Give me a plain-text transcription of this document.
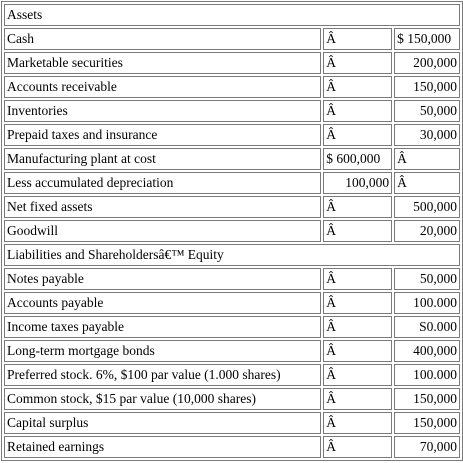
Assets		
Cash	Â	$ 150,000
Marketable securities	Â	200,000
Accounts receivable	Â	150,000
Inventories	Â	50,000
Prepaid taxes and insurance	Â	30,000
Manufacturing plant at cost	$ 600,000	Â
Less accumulated depreciation	100,000	Â
Net fixed assets	Â	500,000
Goodwill	Â	20,000
Liabilities and Shareholdersâ€™ Equity		
Notes payable	Â	50,000
Accounts payable	Â	100.000
Income taxes payable	Â	S0.000
Long-term mortgage bonds	Â	400,000
Preferred stock. 6%, $100 par value (1.000 shares)	Â	100.000
Common stock, $15 par value (10,000 shares)	Â	150,000
Capital surplus	Â	150,000
Retained earnings	Â	70,000
